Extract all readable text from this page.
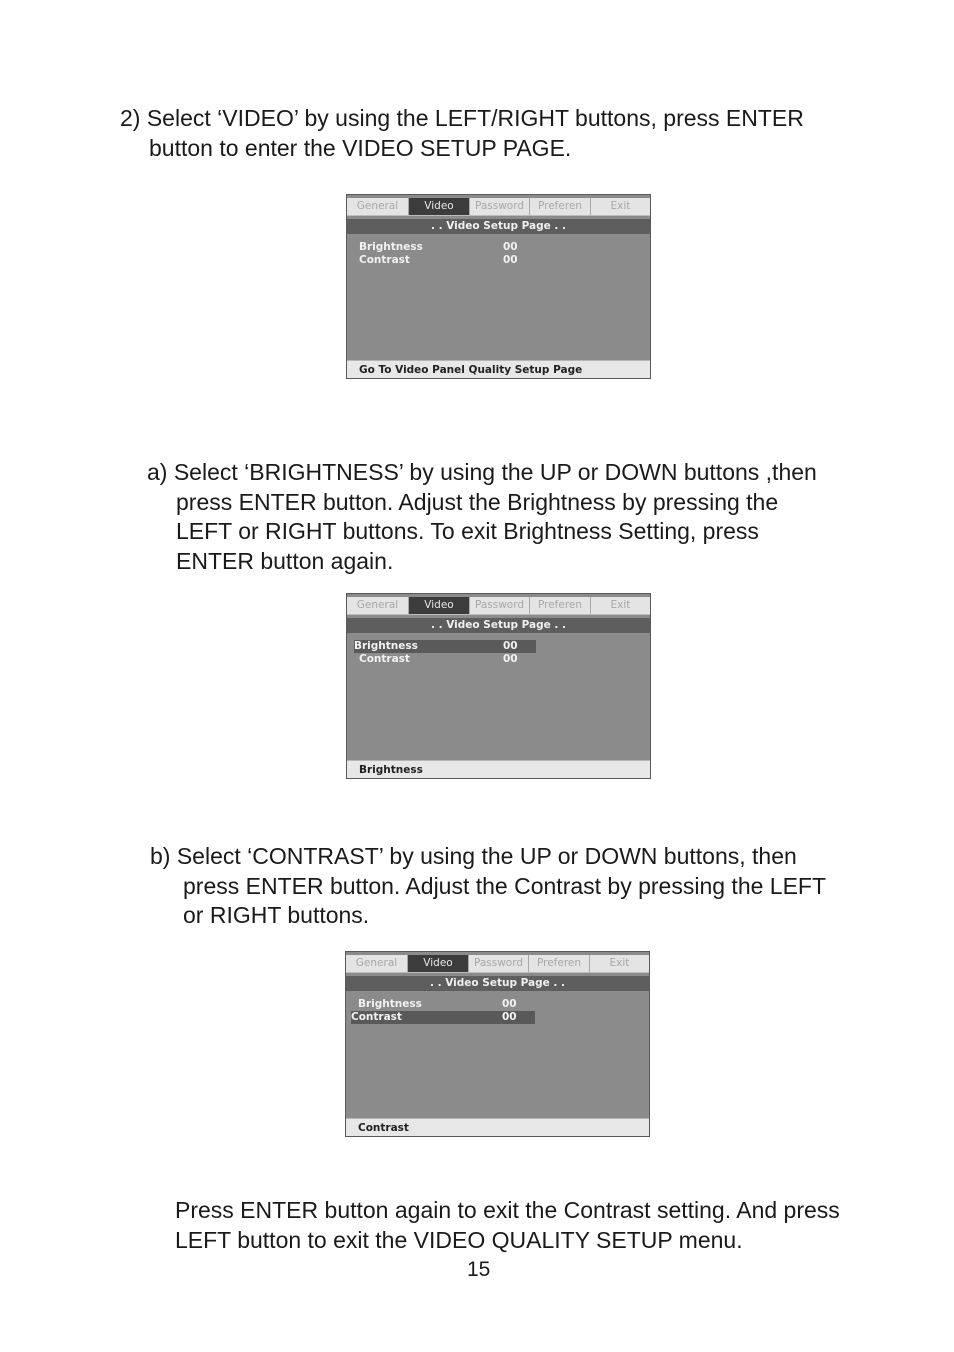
2) Select ‘VIDEO’ by using the LEFT/RIGHT buttons, press ENTER
button to enter the VIDEO SETUP PAGE.
General	Video	Password	Preferen	Exit
. . Video Setup Page . .
Brightness	00
Contrast	00
Go To Video Panel Quality Setup Page
a) Select ‘BRIGHTNESS’ by using the UP or DOWN buttons ,then
press ENTER button. Adjust the Brightness by pressing the
LEFT or RIGHT buttons. To exit Brightness Setting, press
ENTER button again.
General	Video	Password	Preferen	Exit
. . Video Setup Page . .
Brightness	00
Contrast	00
Brightness
b) Select ‘CONTRAST’ by using the UP or DOWN buttons, then
press ENTER button. Adjust the Contrast by pressing the LEFT
or RIGHT buttons.
General	Video	Password	Preferen	Exit
. . Video Setup Page . .
Brightness	00
Contrast	00
Contrast
Press ENTER button again to exit the Contrast setting. And press
LEFT button to exit the VIDEO QUALITY SETUP menu.
15
